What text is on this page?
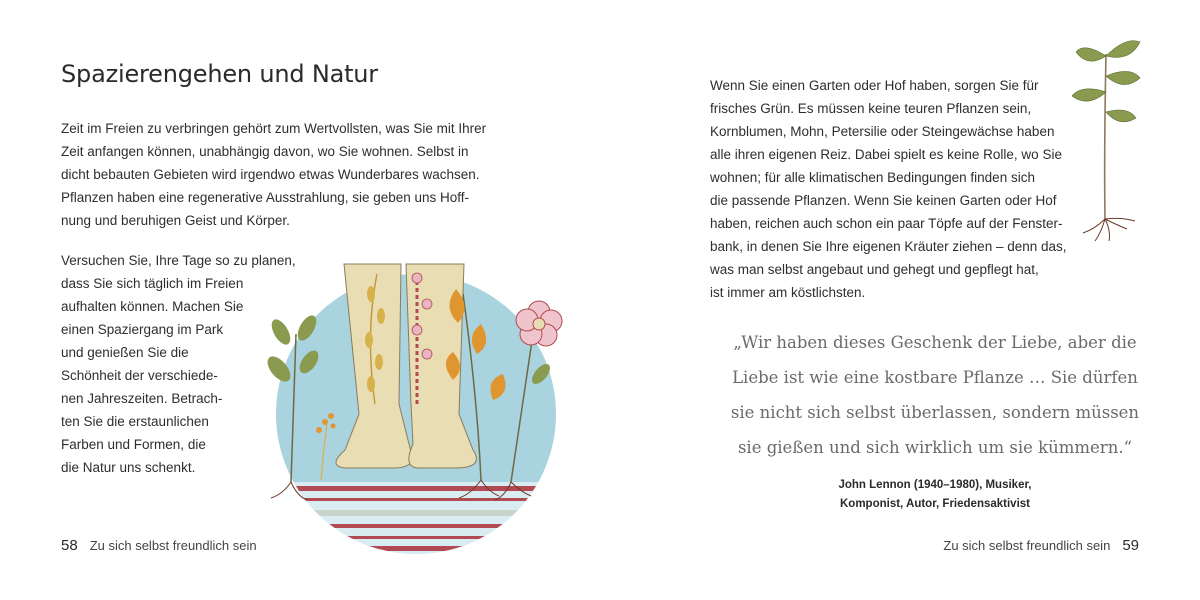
Spazierengehen und Natur

Zeit im Freien zu verbringen gehört zum Wertvollsten, was Sie mit Ihrer
Zeit anfangen können, unabhängig davon, wo Sie wohnen. Selbst in
dicht bebauten Gebieten wird irgendwo etwas Wunderbares wachsen.
Pflanzen haben eine regenerative Ausstrahlung, sie geben uns Hoff-
nung und beruhigen Geist und Körper.

Versuchen Sie, Ihre Tage so zu planen,
dass Sie sich täglich im Freien
aufhalten können. Machen Sie
einen Spaziergang im Park
und genießen Sie die
Schönheit der verschiede-
nen Jahreszeiten. Betrach-
ten Sie die erstaunlichen
Farben und Formen, die
die Natur uns schenkt.

58 Zu sich selbst freundlich sein

Wenn Sie einen Garten oder Hof haben, sorgen Sie für
frisches Grün. Es müssen keine teuren Pflanzen sein,
Kornblumen, Mohn, Petersilie oder Steingewächse haben
alle ihren eigenen Reiz. Dabei spielt es keine Rolle, wo Sie
wohnen; für alle klimatischen Bedingungen finden sich
die passende Pflanzen. Wenn Sie keinen Garten oder Hof
haben, reichen auch schon ein paar Töpfe auf der Fenster-
bank, in denen Sie Ihre eigenen Kräuter ziehen – denn das,
was man selbst angebaut und gehegt und gepflegt hat,
ist immer am köstlichsten.

„Wir haben dieses Geschenk der Liebe, aber die
Liebe ist wie eine kostbare Pflanze … Sie dürfen
sie nicht sich selbst überlassen, sondern müssen
sie gießen und sich wirklich um sie kümmern.“

John Lennon (1940–1980), Musiker,
Komponist, Autor, Friedensaktivist

Zu sich selbst freundlich sein 59
